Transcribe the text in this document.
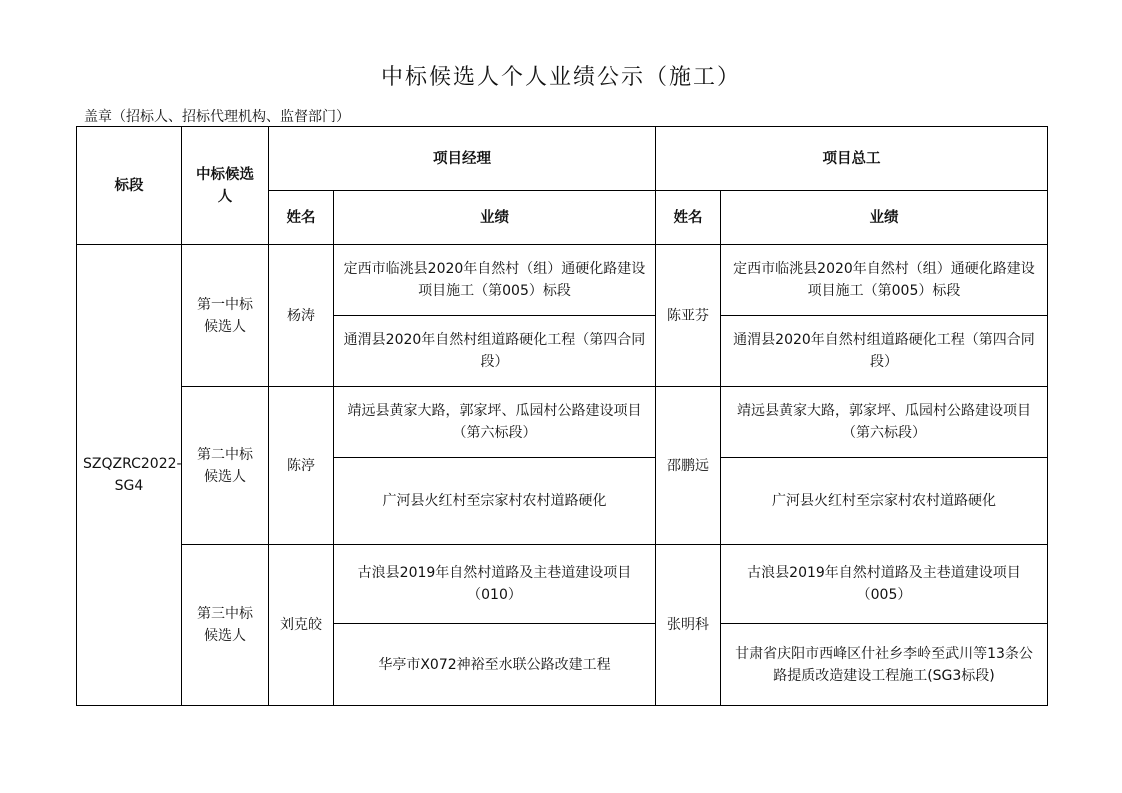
中标候选人个人业绩公示（施工）
盖章（招标人、招标代理机构、监督部门）
标段	中标候选人	项目经理		项目总工	
		姓名	业绩	姓名	业绩
SZQZRC2022-SG4	第一中标候选人	杨涛	定西市临洮县2020年自然村（组）通硬化路建设项目施工（第005）标段	陈亚芬	定西市临洮县2020年自然村（组）通硬化路建设项目施工（第005）标段
			通渭县2020年自然村组道路硬化工程（第四合同段）		通渭县2020年自然村组道路硬化工程（第四合同段）
	第二中标候选人	陈渟	靖远县黄家大路，郭家坪、瓜园村公路建设项目（第六标段）	邵鹏远	靖远县黄家大路，郭家坪、瓜园村公路建设项目（第六标段）
			广河县火红村至宗家村农村道路硬化		广河县火红村至宗家村农村道路硬化
	第三中标候选人	刘克皎	古浪县2019年自然村道路及主巷道建设项目（010）	张明科	古浪县2019年自然村道路及主巷道建设项目（005）
			华亭市X072神裕至水联公路改建工程		甘肃省庆阳市西峰区什社乡李岭至武川等13条公路提质改造建设工程施工(SG3标段)
